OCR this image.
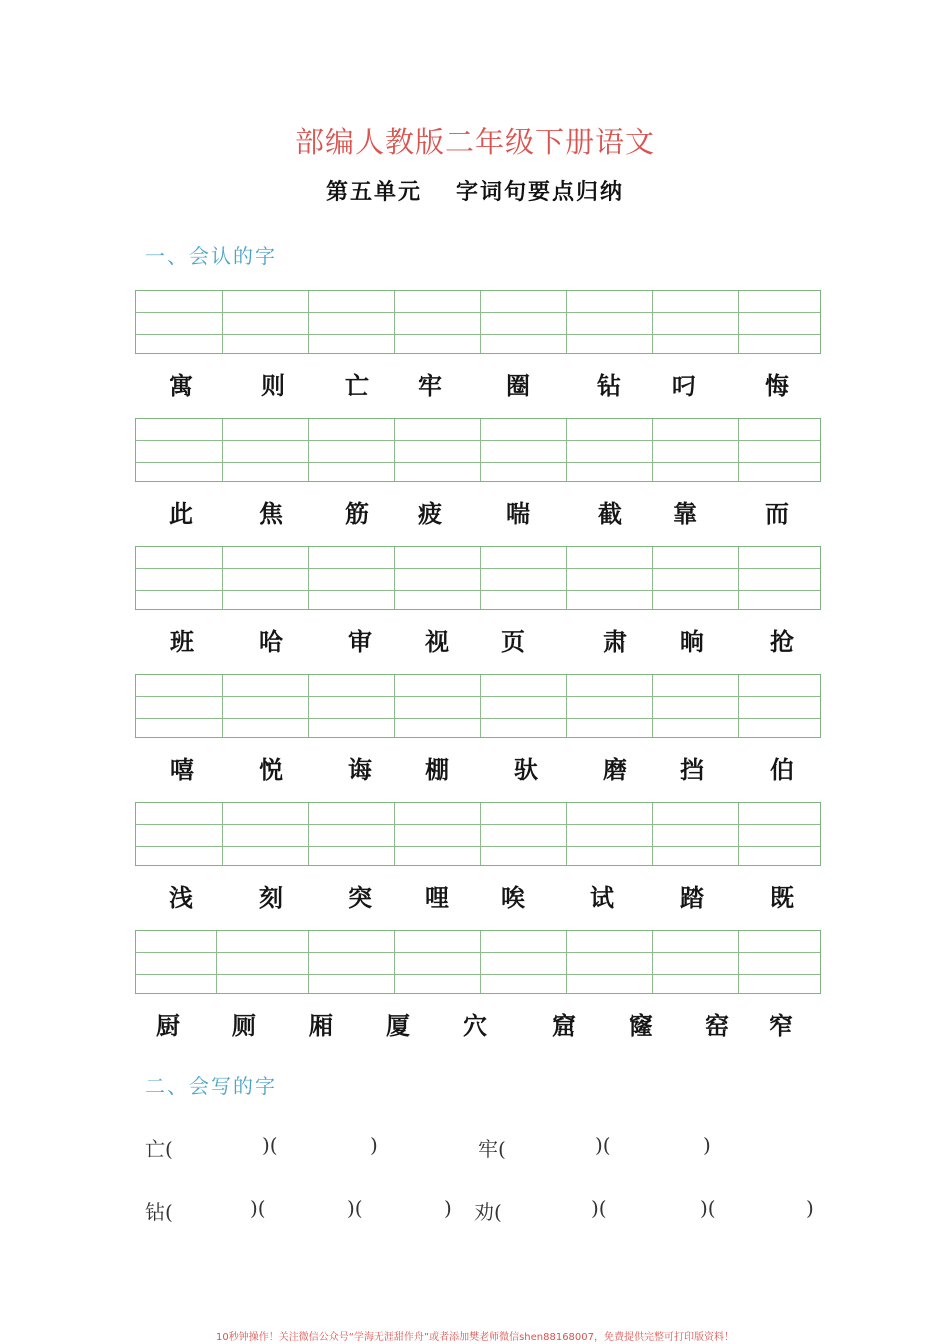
部编人教版二年级下册语文
第五单元 字词句要点归纳
一、会认的字
寓	则	亡	牢	圈	钻	叼	悔
此	焦	筋	疲	喘	截	靠	而
班	哈	审	视	页	肃	晌	抢
嘻	悦	诲	棚	驮	磨	挡	伯
浅	刻	突	哩	唉	试	踏	既
厨	厕	厢	厦	穴	窟	窿	窑	窄
二、会写的字
亡(	)(	)	牢(	)(	)
钻(	)(	)(	) 劝(	)(	)(	)
10秒钟操作！关注微信公众号“学海无涯甜作舟”或者添加樊老师微信shen88168007，免费提供完整可打印版资料！
